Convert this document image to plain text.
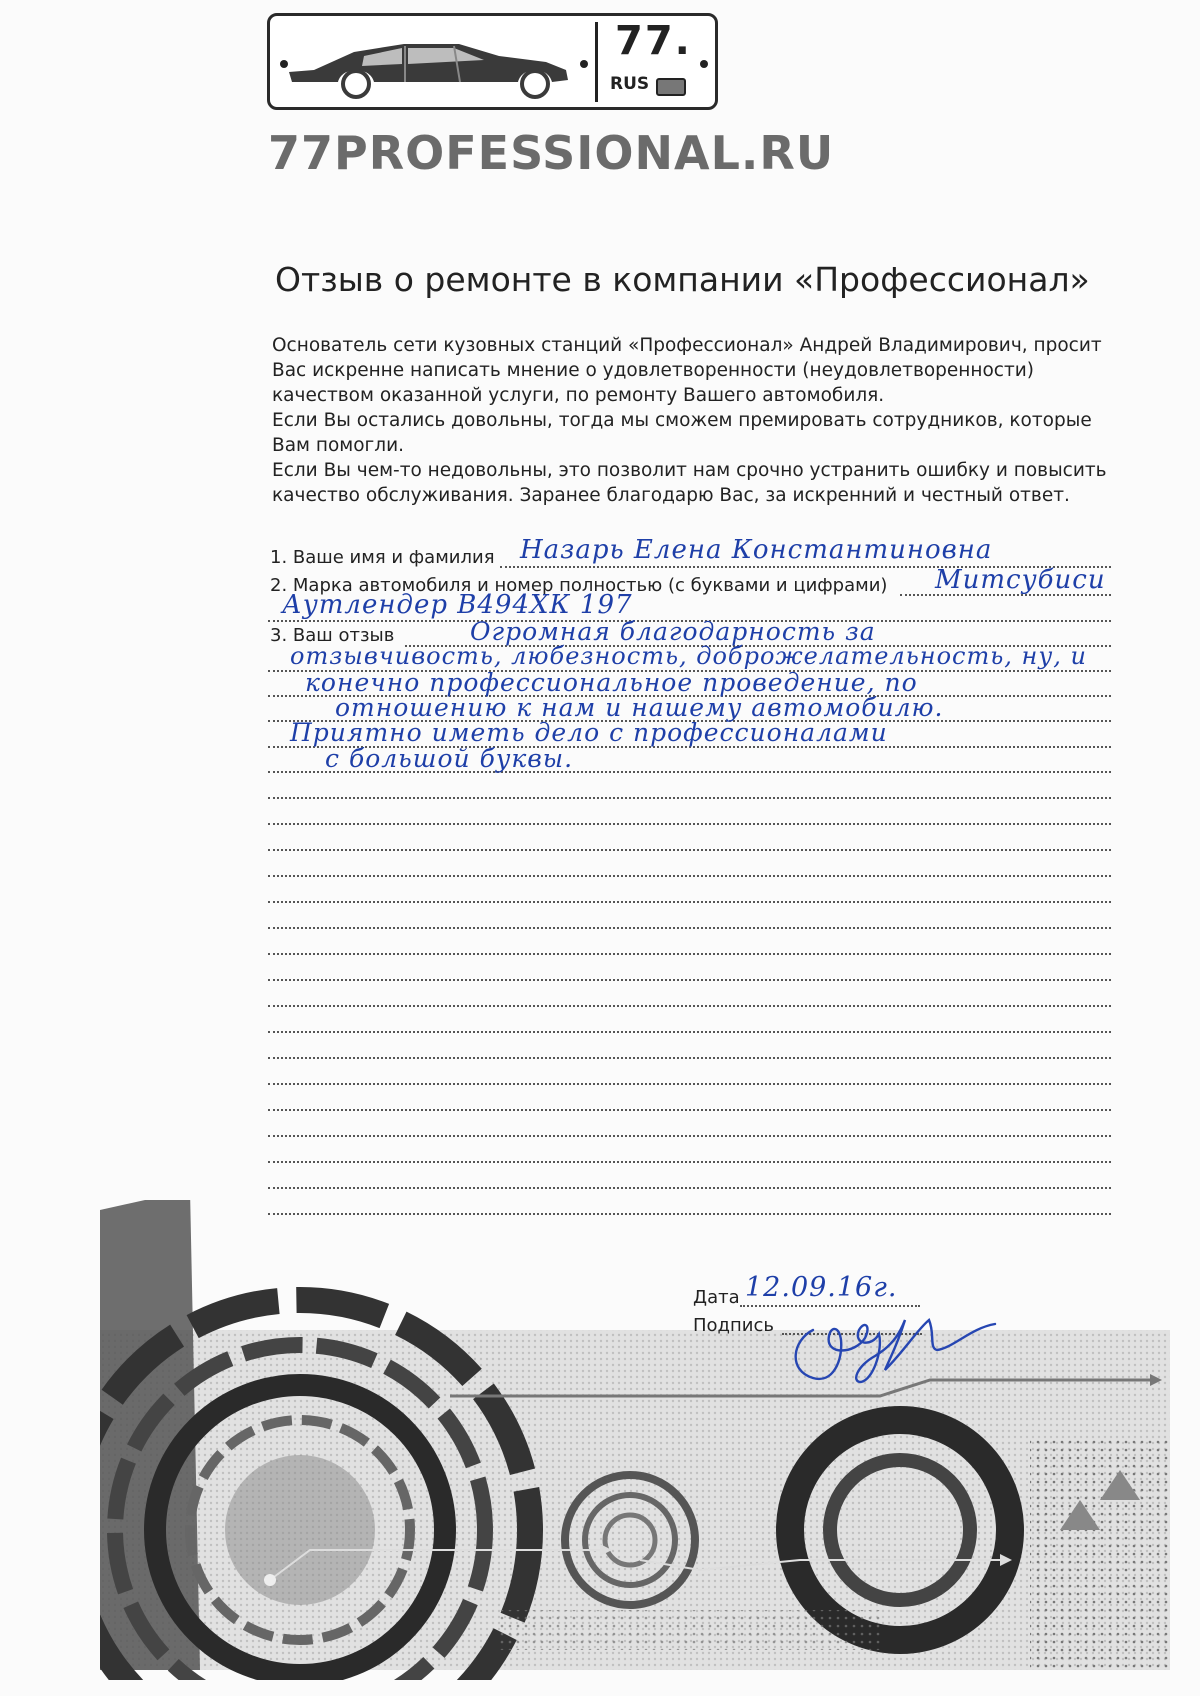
77.
RUS
77PROFESSIONAL.RU
Отзыв о ремонте в компании «Профессионал»

Основатель сети кузовных станций «Профессионал» Андрей Владимирович, просит Вас искренне написать мнение о удовлетворенности (неудовлетворенности) качеством оказанной услуги, по ремонту Вашего автомобиля.

Если Вы остались довольны, тогда мы сможем премировать сотрудников, которые Вам помогли.

Если Вы чем-то недовольны, это позволит нам срочно устранить ошибку и повысить качество обслуживания. Заранее благодарю Вас, за искренний и честный ответ.

1. Ваше имя и фамилия Назарь Елена Константиновна
2. Марка автомобиля и номер полностью (с буквами и цифрами) Митсубиси
Аутлендер В494ХК 197
3. Ваш отзыв	Огромная благодарность за
отзывчивость, любезность, доброжелательность, ну, и
конечно профессиональное проведение, по
отношению к нам и нашему автомобилю.
Приятно иметь дело с профессионалами
с большой буквы.
Дата 12.09.16г.
Подпись
